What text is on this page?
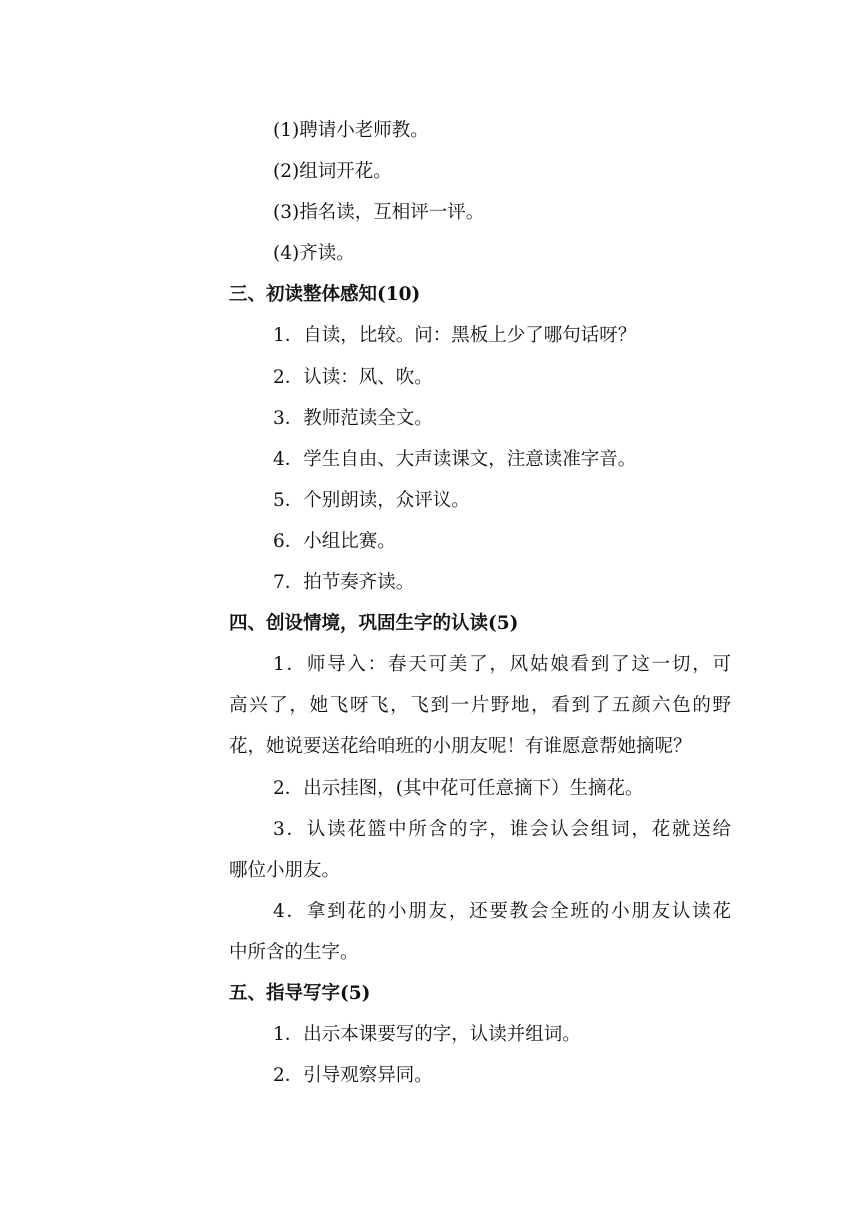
(1)聘请小老师教。
(2)组词开花。
(3)指名读，互相评一评。
(4)齐读。
三、初读整体感知(10)
1．自读，比较。问：黑板上少了哪句话呀？
2．认读：风、吹。
3．教师范读全文。
4．学生自由、大声读课文，注意读准字音。
5．个别朗读，众评议。
6．小组比赛。
7．拍节奏齐读。
四、创设情境，巩固生字的认读(5)
1．师导入：春天可美了，风姑娘看到了这一切，可
高兴了，她飞呀飞，飞到一片野地，看到了五颜六色的野
花，她说要送花给咱班的小朋友呢！有谁愿意帮她摘呢？
2．出示挂图，(其中花可任意摘下）生摘花。
3．认读花篮中所含的字，谁会认会组词，花就送给
哪位小朋友。
4．拿到花的小朋友，还要教会全班的小朋友认读花
中所含的生字。
五、指导写字(5)
1．出示本课要写的字，认读并组词。
2．引导观察异同。
